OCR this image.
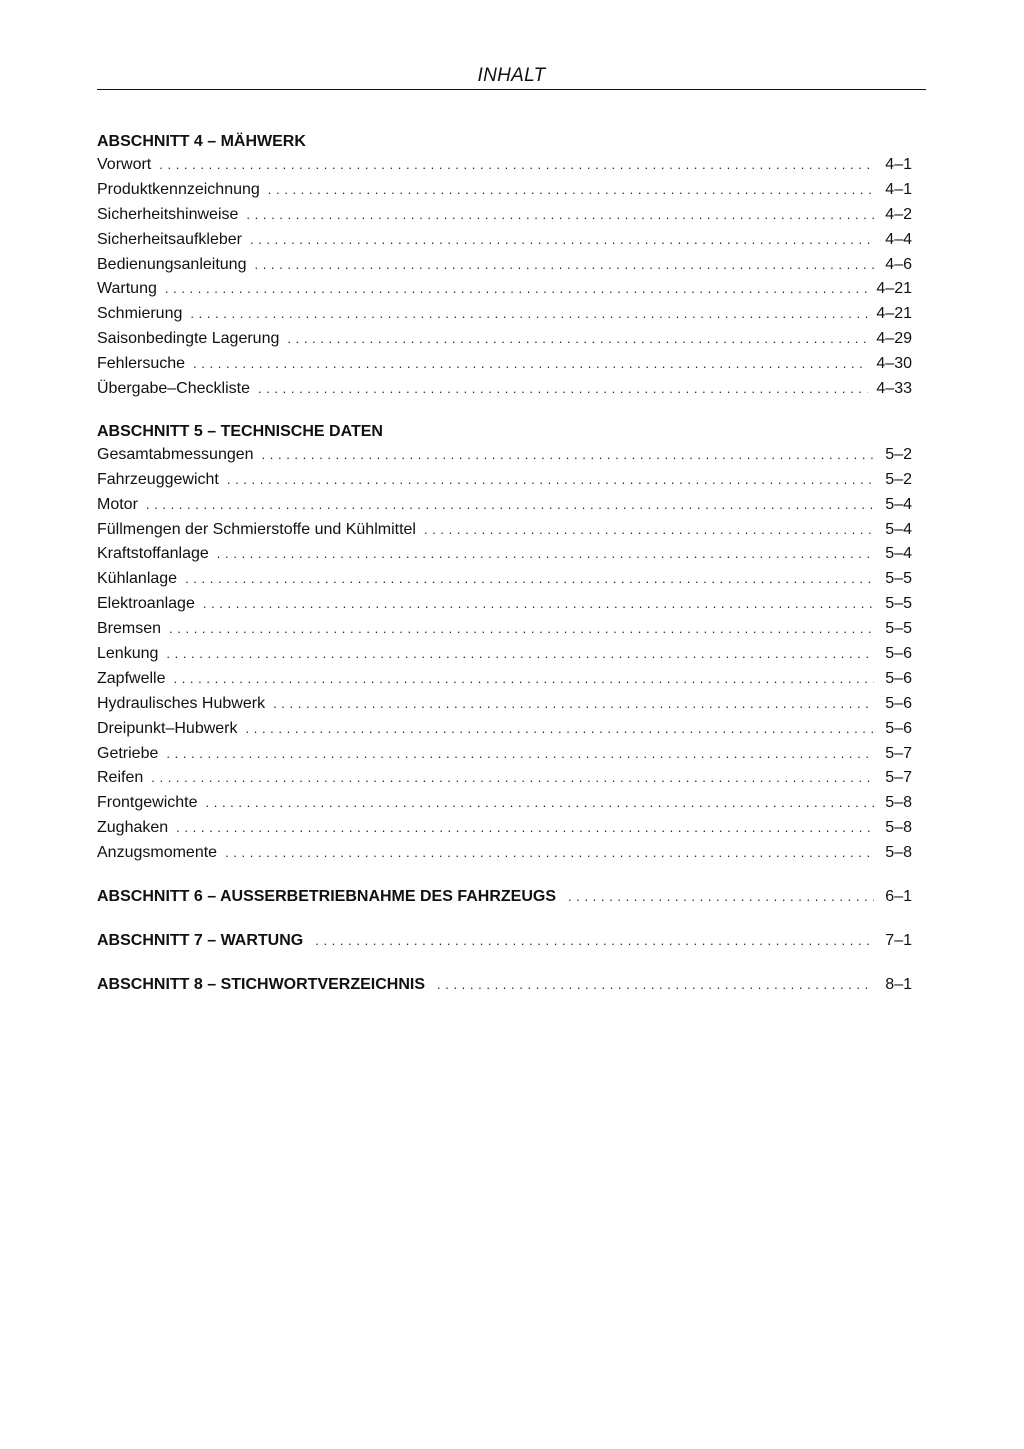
INHALT
ABSCHNITT 4 – MÄHWERK
Vorwort . . .	4–1
Produktkennzeichnung . . .	4–1
Sicherheitshinweise . . .	4–2
Sicherheitsaufkleber . . .	4–4
Bedienungsanleitung . . .	4–6
Wartung . . .	4–21
Schmierung . . .	4–21
Saisonbedingte Lagerung . . .	4–29
Fehlersuche . . .	4–30
Übergabe–Checkliste . . .	4–33
ABSCHNITT 5 – TECHNISCHE DATEN
Gesamtabmessungen . . .	5–2
Fahrzeuggewicht . . .	5–2
Motor . . .	5–4
Füllmengen der Schmierstoffe und Kühlmittel . . .	5–4
Kraftstoffanlage . . .	5–4
Kühlanlage . . .	5–5
Elektroanlage . . .	5–5
Bremsen . . .	5–5
Lenkung . . .	5–6
Zapfwelle . . .	5–6
Hydraulisches Hubwerk . . .	5–6
Dreipunkt–Hubwerk . . .	5–6
Getriebe . . .	5–7
Reifen . . .	5–7
Frontgewichte . . .	5–8
Zughaken . . .	5–8
Anzugsmomente . . .	5–8
ABSCHNITT 6 – AUSSERBETRIEBNAHME DES FAHRZEUGS . . .	6–1
ABSCHNITT 7 – WARTUNG . . .	7–1
ABSCHNITT 8 – STICHWORTVERZEICHNIS . . .	8–1
